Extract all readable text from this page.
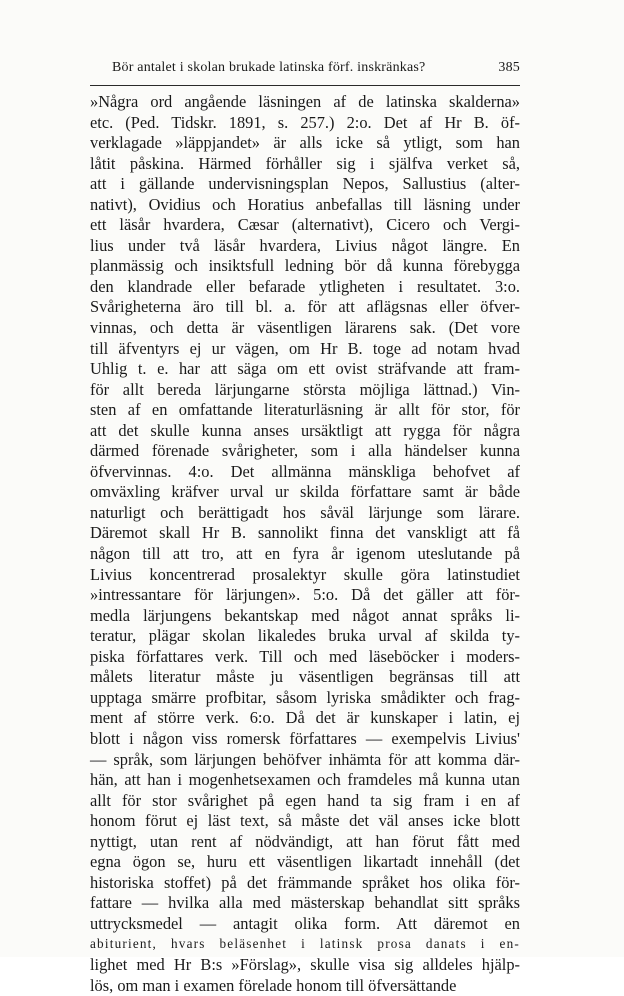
Bör antalet i skolan brukade latinska förf. inskränkas?	385
»Några ord angående läsningen af de latinska skalderna»
etc. (Ped. Tidskr. 1891, s. 257.) 2:o. Det af Hr B. öf-
verklagade »läppjandet» är alls icke så ytligt, som han
låtit påskina. Härmed förhåller sig i själfva verket så,
att i gällande undervisningsplan Nepos, Sallustius (alter-
nativt), Ovidius och Horatius anbefallas till läsning under
ett läsår hvardera, Cæsar (alternativt), Cicero och Vergi-
lius under två läsår hvardera, Livius något längre. En
planmässig och insiktsfull ledning bör då kunna förebygga
den klandrade eller befarade ytligheten i resultatet. 3:o.
Svårigheterna äro till bl. a. för att aflägsnas eller öfver-
vinnas, och detta är väsentligen lärarens sak. (Det vore
till äfventyrs ej ur vägen, om Hr B. toge ad notam hvad
Uhlig t. e. har att säga om ett ovist sträfvande att fram-
för allt bereda lärjungarne största möjliga lättnad.) Vin-
sten af en omfattande literaturläsning är allt för stor, för
att det skulle kunna anses ursäktligt att rygga för några
därmed förenade svårigheter, som i alla händelser kunna
öfvervinnas. 4:o. Det allmänna mänskliga behofvet af
omväxling kräfver urval ur skilda författare samt är både
naturligt och berättigadt hos såväl lärjunge som lärare.
Däremot skall Hr B. sannolikt finna det vanskligt att få
någon till att tro, att en fyra år igenom uteslutande på
Livius koncentrerad prosalektyr skulle göra latinstudiet
»intressantare för lärjungen». 5:o. Då det gäller att för-
medla lärjungens bekantskap med något annat språks li-
teratur, plägar skolan likaledes bruka urval af skilda ty-
piska författares verk. Till och med läseböcker i moders-
målets literatur måste ju väsentligen begränsas till att
upptaga smärre profbitar, såsom lyriska smådikter och frag-
ment af större verk. 6:o. Då det är kunskaper i latin, ej
blott i någon viss romersk författares — exempelvis Livius'
— språk, som lärjungen behöfver inhämta för att komma där-
hän, att han i mogenhetsexamen och framdeles må kunna utan
allt för stor svårighet på egen hand ta sig fram i en af
honom förut ej läst text, så måste det väl anses icke blott
nyttigt, utan rent af nödvändigt, att han förut fått med
egna ögon se, huru ett väsentligen likartadt innehåll (det
historiska stoffet) på det främmande språket hos olika för-
fattare — hvilka alla med mästerskap behandlat sitt språks
uttrycksmedel — antagit olika form. Att däremot en
abiturient, hvars beläsenhet i latinsk prosa danats i en-
lighet med Hr B:s »Förslag», skulle visa sig alldeles hjälp-
lös, om man i examen förelade honom till öfversättande
